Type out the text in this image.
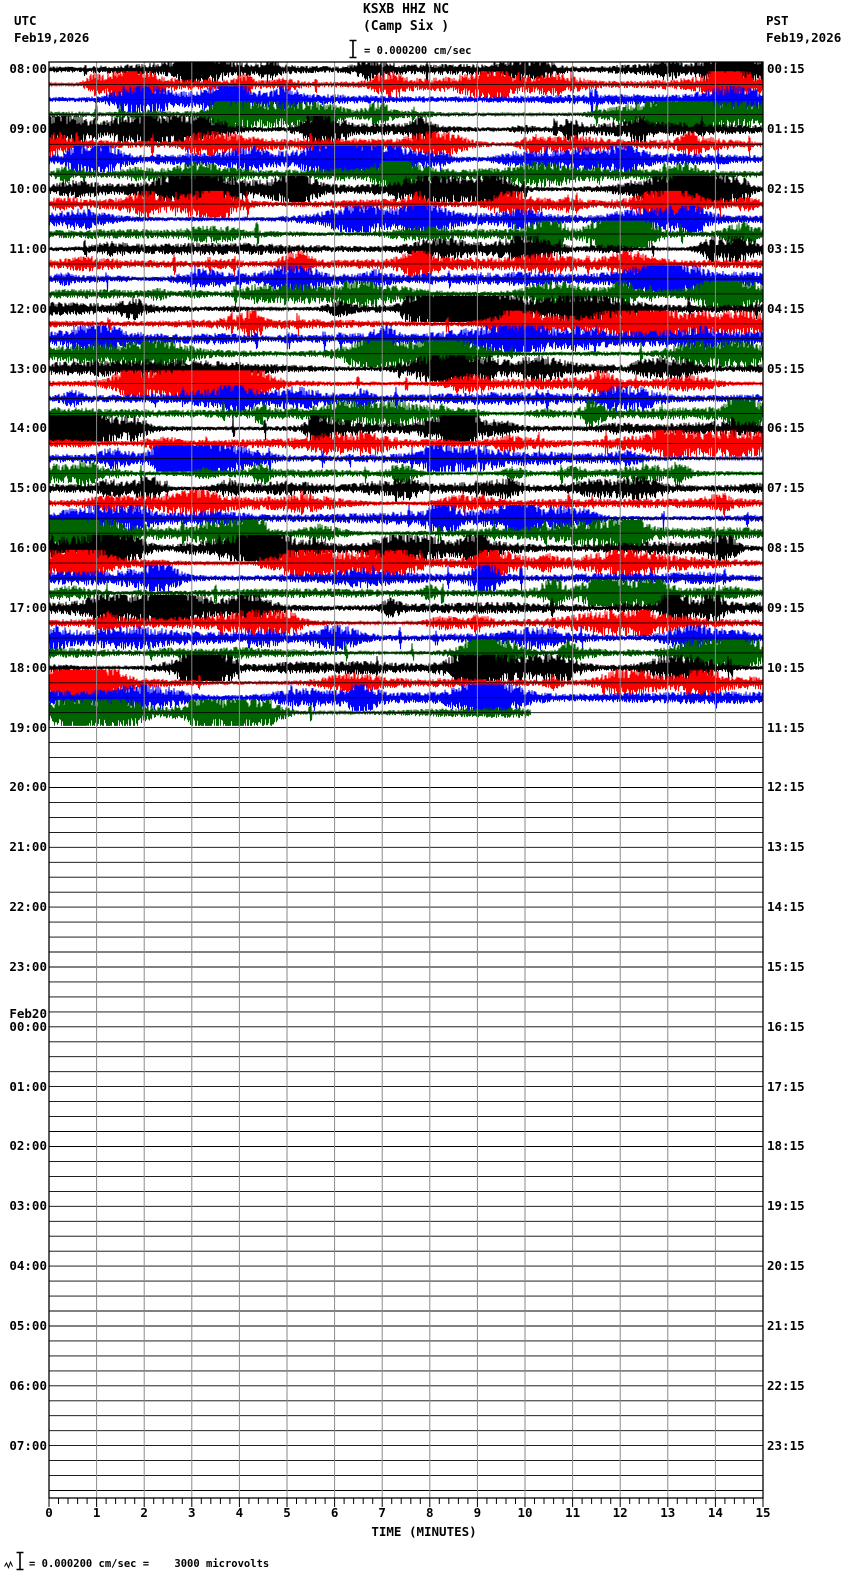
UTC
Feb19,2026
PST
Feb19,2026
KSXB HHZ NC
(Camp Six )
= 0.000200 cm/sec
TIME (MINUTES)
= 0.000200 cm/sec =    3000 microvolts
0	1	2	3	4	5	6	7	8	9	10	11	12	13	14	15
08:00	00:15
09:00	01:15
10:00	02:15
11:00	03:15
12:00	04:15
13:00	05:15
14:00	06:15
15:00	07:15
16:00	08:15
17:00	09:15
18:00	10:15
19:00	11:15
20:00	12:15
21:00	13:15
22:00	14:15
23:00	15:15
00:00	16:15
Feb20
01:00	17:15
02:00	18:15
03:00	19:15
04:00	20:15
05:00	21:15
06:00	22:15
07:00	23:15
